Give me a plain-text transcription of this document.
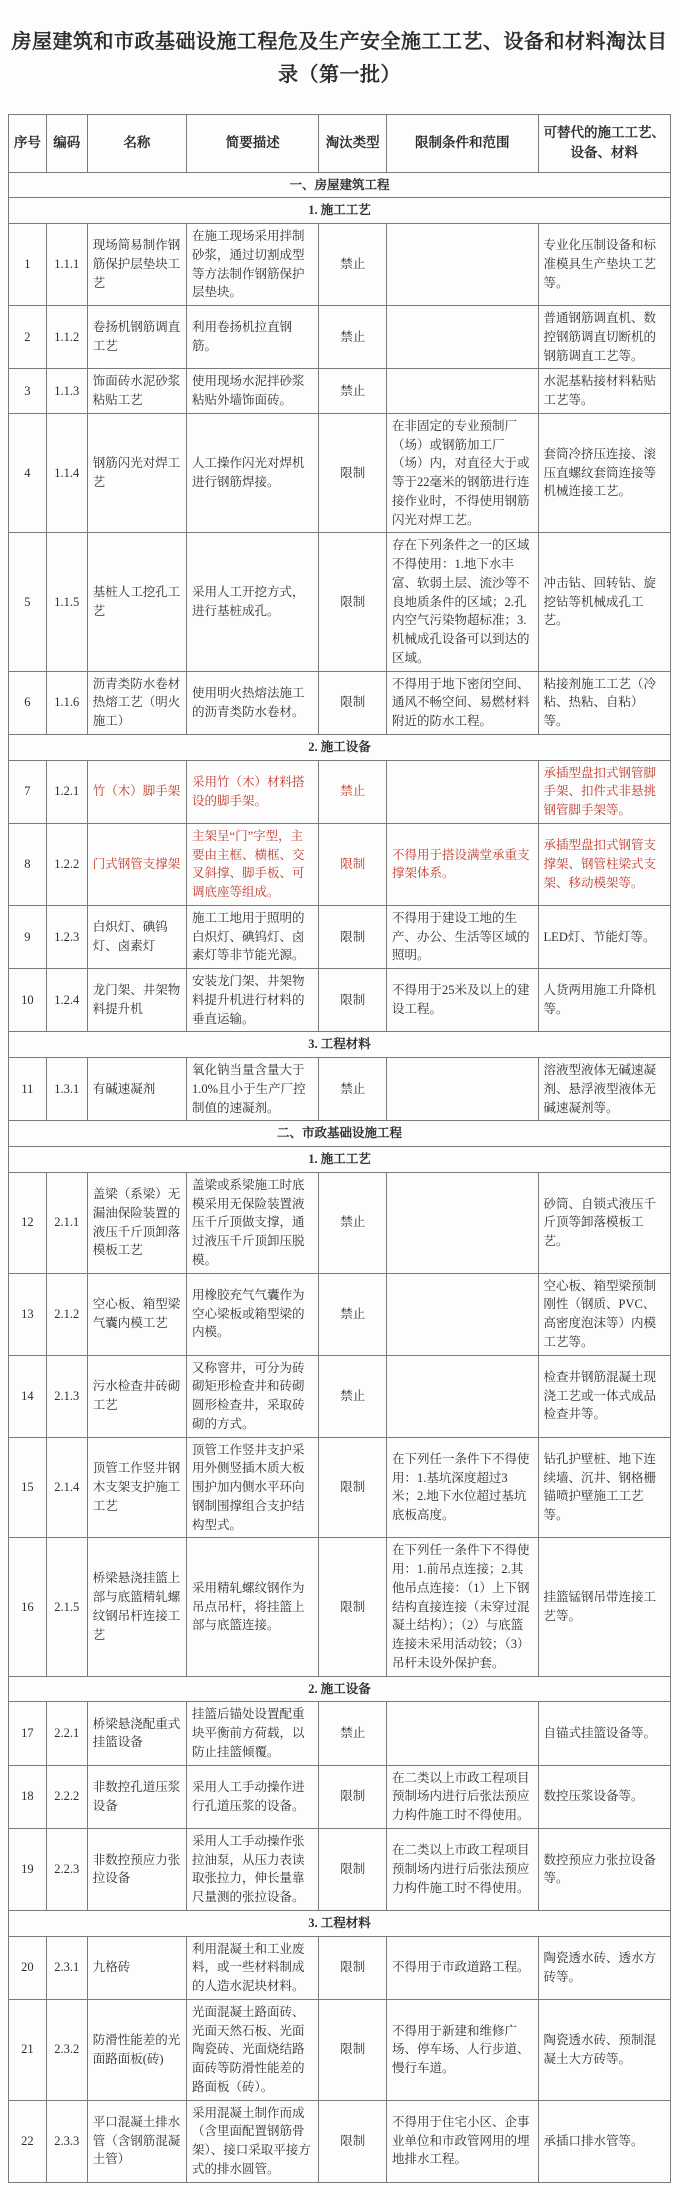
房屋建筑和市政基础设施工程危及生产安全施工工艺、设备和材料淘汰目录（第一批）
序号	编码	名称	简要描述	淘汰类型	限制条件和范围	可替代的施工工艺、设备、材料
一、房屋建筑工程						
1. 施工工艺						
1	1.1.1	现场简易制作钢筋保护层垫块工艺	在施工现场采用拌制砂浆，通过切割成型等方法制作钢筋保护层垫块。	禁止		专业化压制设备和标准模具生产垫块工艺等。
2	1.1.2	卷扬机钢筋调直工艺	利用卷扬机拉直钢筋。	禁止		普通钢筋调直机、数控钢筋调直切断机的钢筋调直工艺等。
3	1.1.3	饰面砖水泥砂浆粘贴工艺	使用现场水泥拌砂浆粘贴外墙饰面砖。	禁止		水泥基粘接材料粘贴工艺等。
4	1.1.4	钢筋闪光对焊工艺	人工操作闪光对焊机进行钢筋焊接。	限制	在非固定的专业预制厂（场）或钢筋加工厂（场）内，对直径大于或等于22毫米的钢筋进行连接作业时，不得使用钢筋闪光对焊工艺。	套筒冷挤压连接、滚压直螺纹套筒连接等机械连接工艺。
5	1.1.5	基桩人工挖孔工艺	采用人工开挖方式，进行基桩成孔。	限制	存在下列条件之一的区域不得使用：1.地下水丰富、软弱土层、流沙等不良地质条件的区域；2.孔内空气污染物超标准；3.机械成孔设备可以到达的区域。	冲击钻、回转钻、旋挖钻等机械成孔工艺。
6	1.1.6	沥青类防水卷材热熔工艺（明火施工）	使用明火热熔法施工的沥青类防水卷材。	限制	不得用于地下密闭空间、通风不畅空间、易燃材料附近的防水工程。	粘接剂施工工艺（冷粘、热粘、自粘）等。
2. 施工设备						
7	1.2.1	竹（木）脚手架	采用竹（木）材料搭设的脚手架。	禁止		承插型盘扣式钢管脚手架、扣件式非悬挑钢管脚手架等。
8	1.2.2	门式钢管支撑架	主架呈“门”字型，主要由主框、横框、交叉斜撑、脚手板、可调底座等组成。	限制	不得用于搭设满堂承重支撑架体系。	承插型盘扣式钢管支撑架、钢管柱梁式支架、移动模架等。
9	1.2.3	白炽灯、碘钨灯、卤素灯	施工工地用于照明的白炽灯、碘钨灯、卤素灯等非节能光源。	限制	不得用于建设工地的生产、办公、生活等区域的照明。	LED灯、节能灯等。
10	1.2.4	龙门架、井架物料提升机	安装龙门架、井架物料提升机进行材料的垂直运输。	限制	不得用于25米及以上的建设工程。	人货两用施工升降机等。
3. 工程材料						
11	1.3.1	有碱速凝剂	氧化钠当量含量大于1.0%且小于生产厂控制值的速凝剂。	禁止		溶液型液体无碱速凝剂、悬浮液型液体无碱速凝剂等。
二、市政基础设施工程						
1. 施工工艺						
12	2.1.1	盖梁（系梁）无漏油保险装置的液压千斤顶卸落模板工艺	盖梁或系梁施工时底模采用无保险装置液压千斤顶做支撑，通过液压千斤顶卸压脱模。	禁止		砂筒、自锁式液压千斤顶等卸落模板工艺。
13	2.1.2	空心板、箱型梁气囊内模工艺	用橡胶充气气囊作为空心梁板或箱型梁的内模。	禁止		空心板、箱型梁预制刚性（钢质、PVC、高密度泡沫等）内模工艺等。
14	2.1.3	污水检查井砖砌工艺	又称窨井，可分为砖砌矩形检查井和砖砌圆形检查井，采取砖砌的方式。	禁止		检查井钢筋混凝土现浇工艺或一体式成品检查井等。
15	2.1.4	顶管工作竖井钢木支架支护施工工艺	顶管工作竖井支护采用外侧竖插木质大板围护加内侧水平环向钢制围撑组合支护结构型式。	限制	在下列任一条件下不得使用：1.基坑深度超过3米；2.地下水位超过基坑底板高度。	钻孔护壁桩、地下连续墙、沉井、钢格栅锚喷护壁施工工艺等。
16	2.1.5	桥梁悬浇挂篮上部与底篮精轧螺纹钢吊杆连接工艺	采用精轧螺纹钢作为吊点吊杆，将挂篮上部与底篮连接。	限制	在下列任一条件下不得使用：1.前吊点连接；2.其他吊点连接：（1）上下钢结构直接连接（未穿过混凝土结构）；（2）与底篮连接未采用活动铰；（3）吊杆未设外保护套。	挂篮锰钢吊带连接工艺等。
2. 施工设备						
17	2.2.1	桥梁悬浇配重式挂篮设备	挂篮后锚处设置配重块平衡前方荷载，以防止挂篮倾覆。	禁止		自锚式挂篮设备等。
18	2.2.2	非数控孔道压浆设备	采用人工手动操作进行孔道压浆的设备。	限制	在二类以上市政工程项目预制场内进行后张法预应力构件施工时不得使用。	数控压浆设备等。
19	2.2.3	非数控预应力张拉设备	采用人工手动操作张拉油泵，从压力表读取张拉力，伸长量靠尺量测的张拉设备。	限制	在二类以上市政工程项目预制场内进行后张法预应力构件施工时不得使用。	数控预应力张拉设备等。
3. 工程材料						
20	2.3.1	九格砖	利用混凝土和工业废料，或一些材料制成的人造水泥块材料。	限制	不得用于市政道路工程。	陶瓷透水砖、透水方砖等。
21	2.3.2	防滑性能差的光面路面板(砖)	光面混凝土路面砖、光面天然石板、光面陶瓷砖、光面烧结路面砖等防滑性能差的路面板（砖）。	限制	不得用于新建和维修广场、停车场、人行步道、慢行车道。	陶瓷透水砖、预制混凝土大方砖等。
22	2.3.3	平口混凝土排水管（含钢筋混凝土管）	采用混凝土制作而成（含里面配置钢筋骨架）、接口采取平接方式的排水圆管。	限制	不得用于住宅小区、企事业单位和市政管网用的埋地排水工程。	承插口排水管等。
